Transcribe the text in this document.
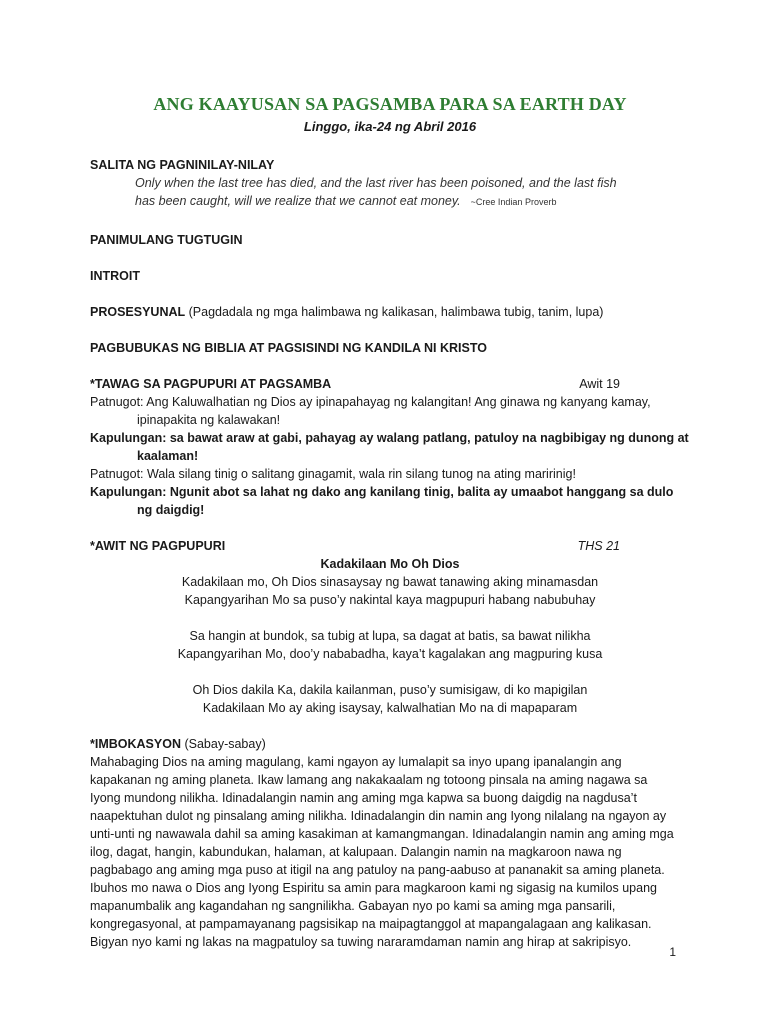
ANG KAAYUSAN SA PAGSAMBA PARA SA EARTH DAY

Linggo, ika-24 ng Abril 2016

SALITA NG PAGNINILAY-NILAY

Only when the last tree has died, and the last river has been poisoned, and the last fish
has been caught, will we realize that we cannot eat money. ~Cree Indian Proverb

PANIMULANG TUGTUGIN

INTROIT

PROSESYUNAL (Pagdadala ng mga halimbawa ng kalikasan, halimbawa tubig, tanim, lupa)

PAGBUBUKAS NG BIBLIA AT PAGSISINDI NG KANDILA NI KRISTO

*TAWAG SA PAGPUPURI AT PAGSAMBA	Awit 19

Patnugot: Ang Kaluwalhatian ng Dios ay ipinapahayag ng kalangitan! Ang ginawa ng kanyang kamay, ipinapakita ng kalawakan!

Kapulungan: sa bawat araw at gabi, pahayag ay walang patlang, patuloy na nagbibigay ng dunong at kaalaman!

Patnugot: Wala silang tinig o salitang ginagamit, wala rin silang tunog na ating maririnig!

Kapulungan: Ngunit abot sa lahat ng dako ang kanilang tinig, balita ay umaabot hanggang sa dulo ng daigdig!

*AWIT NG PAGPUPURI	THS 21

Kadakilaan Mo Oh Dios

Kadakilaan mo, Oh Dios sinasaysay ng bawat tanawing aking minamasdan

Kapangyarihan Mo sa puso’y nakintal kaya magpupuri habang nabubuhay

Sa hangin at bundok, sa tubig at lupa, sa dagat at batis, sa bawat nilikha

Kapangyarihan Mo, doo’y nababadha, kaya’t kagalakan ang magpuring kusa

Oh Dios dakila Ka, dakila kailanman, puso’y sumisigaw, di ko mapigilan

Kadakilaan Mo ay aking isaysay, kalwalhatian Mo na di mapaparam

*IMBOKASYON (Sabay-sabay)

Mahabaging Dios na aming magulang, kami ngayon ay lumalapit sa inyo upang ipanalangin ang
kapakanan ng aming planeta. Ikaw lamang ang nakakaalam ng totoong pinsala na aming nagawa sa
Iyong mundong nilikha. Idinadalangin namin ang aming mga kapwa sa buong daigdig na nagdusa’t
naapektuhan dulot ng pinsalang aming nilikha. Idinadalangin din namin ang Iyong nilalang na ngayon ay
unti-unti ng nawawala dahil sa aming kasakiman at kamangmangan. Idinadalangin namin ang aming mga
ilog, dagat, hangin, kabundukan, halaman, at kalupaan. Dalangin namin na magkaroon nawa ng
pagbabago ang aming mga puso at itigil na ang patuloy na pang-aabuso at pananakit sa aming planeta.
Ibuhos mo nawa o Dios ang Iyong Espiritu sa amin para magkaroon kami ng sigasig na kumilos upang
mapanumbalik ang kagandahan ng sangnilikha. Gabayan nyo po kami sa aming mga pansarili,
kongregasyonal, at pampamayanang pagsisikap na maipagtanggol at mapangalagaan ang kalikasan.
Bigyan nyo kami ng lakas na magpatuloy sa tuwing nararamdaman namin ang hirap at sakripisyo.
1
